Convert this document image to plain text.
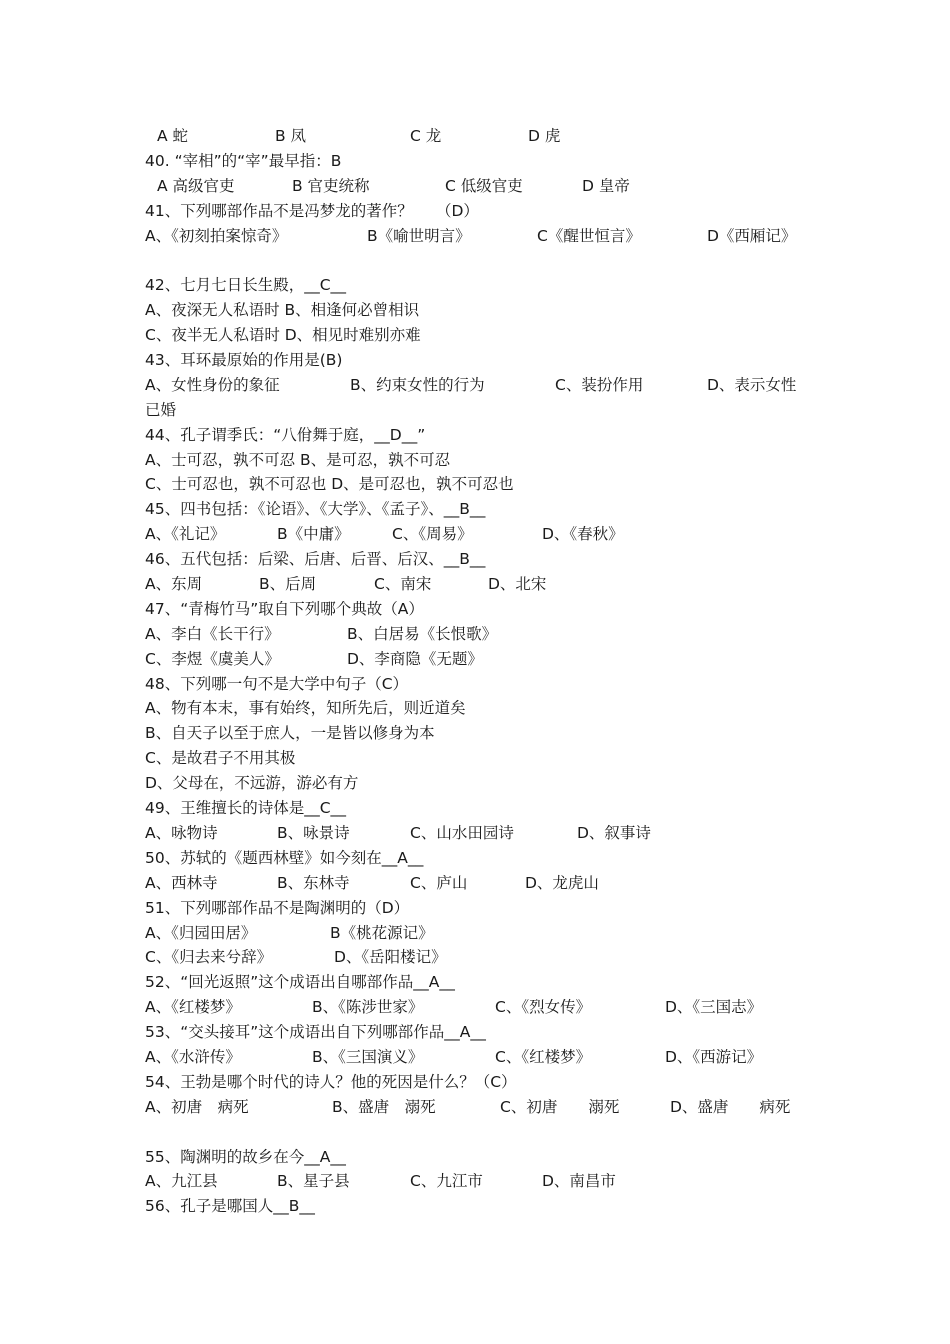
A 蛇	B 凤	C 龙	D 虎
40. “宰相”的“宰”最早指：B
A 高级官吏	B 官吏统称	C 低级官吏	D 皇帝
41、下列哪部作品不是冯梦龙的著作？　　（D）
A、《初刻拍案惊奇》	B《喻世明言》	C《醒世恒言》	D《西厢记》
42、七月七日长生殿，__C__
A、夜深无人私语时 B、相逢何必曾相识
C、夜半无人私语时 D、相见时难别亦难
43、耳环最原始的作用是(B)
A、女性身份的象征	B、约束女性的行为	C、装扮作用	D、表示女性
已婚
44、孔子谓季氏：“八佾舞于庭，__D__”
A、士可忍，孰不可忍 B、是可忍，孰不可忍
C、士可忍也，孰不可忍也 D、是可忍也，孰不可忍也
45、四书包括：《论语》、《大学》、《孟子》、__B__
A、《礼记》	B《中庸》	C、《周易》	D、《春秋》
46、五代包括：后梁、后唐、后晋、后汉、__B__
A、东周	B、后周	C、南宋	D、北宋
47、“青梅竹马”取自下列哪个典故（A）
A、李白《长干行》	B、白居易《长恨歌》
C、李煜《虞美人》	D、李商隐《无题》
48、下列哪一句不是大学中句子（C）
A、物有本末，事有始终，知所先后，则近道矣
B、自天子以至于庶人，一是皆以修身为本
C、是故君子不用其极
D、父母在，不远游，游必有方
49、王维擅长的诗体是__C__
A、咏物诗	B、咏景诗	C、山水田园诗	D、叙事诗
50、苏轼的《题西林壁》如今刻在__A__
A、西林寺	B、东林寺	C、庐山	D、龙虎山
51、下列哪部作品不是陶渊明的（D）
A、《归园田居》	B《桃花源记》
C、《归去来兮辞》	D、《岳阳楼记》
52、“回光返照”这个成语出自哪部作品__A__
A、《红楼梦》	B、《陈涉世家》	C、《烈女传》	D、《三国志》
53、“交头接耳”这个成语出自下列哪部作品__A__
A、《水浒传》	B、《三国演义》	C、《红楼梦》	D、《西游记》
54、王勃是哪个时代的诗人？他的死因是什么？（C）
A、初唐　病死	B、盛唐　溺死	C、初唐　　溺死	D、盛唐　　病死
55、陶渊明的故乡在今__A__
A、九江县	B、星子县	C、九江市	D、南昌市
56、孔子是哪国人__B__
